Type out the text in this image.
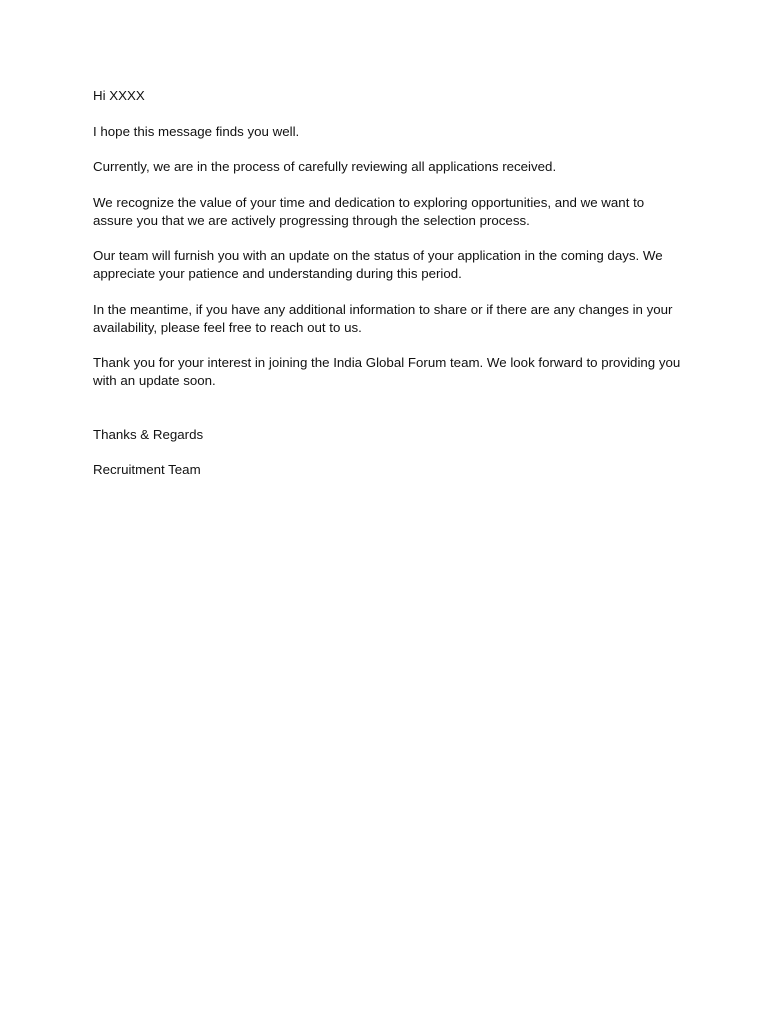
Hi XXXX

I hope this message finds you well.

Currently, we are in the process of carefully reviewing all applications received.

We recognize the value of your time and dedication to exploring opportunities, and we want to assure you that we are actively progressing through the selection process.

Our team will furnish you with an update on the status of your application in the coming days. We appreciate your patience and understanding during this period.

In the meantime, if you have any additional information to share or if there are any changes in your availability, please feel free to reach out to us.

Thank you for your interest in joining the India Global Forum team. We look forward to providing you with an update soon.

Thanks & Regards

Recruitment Team
